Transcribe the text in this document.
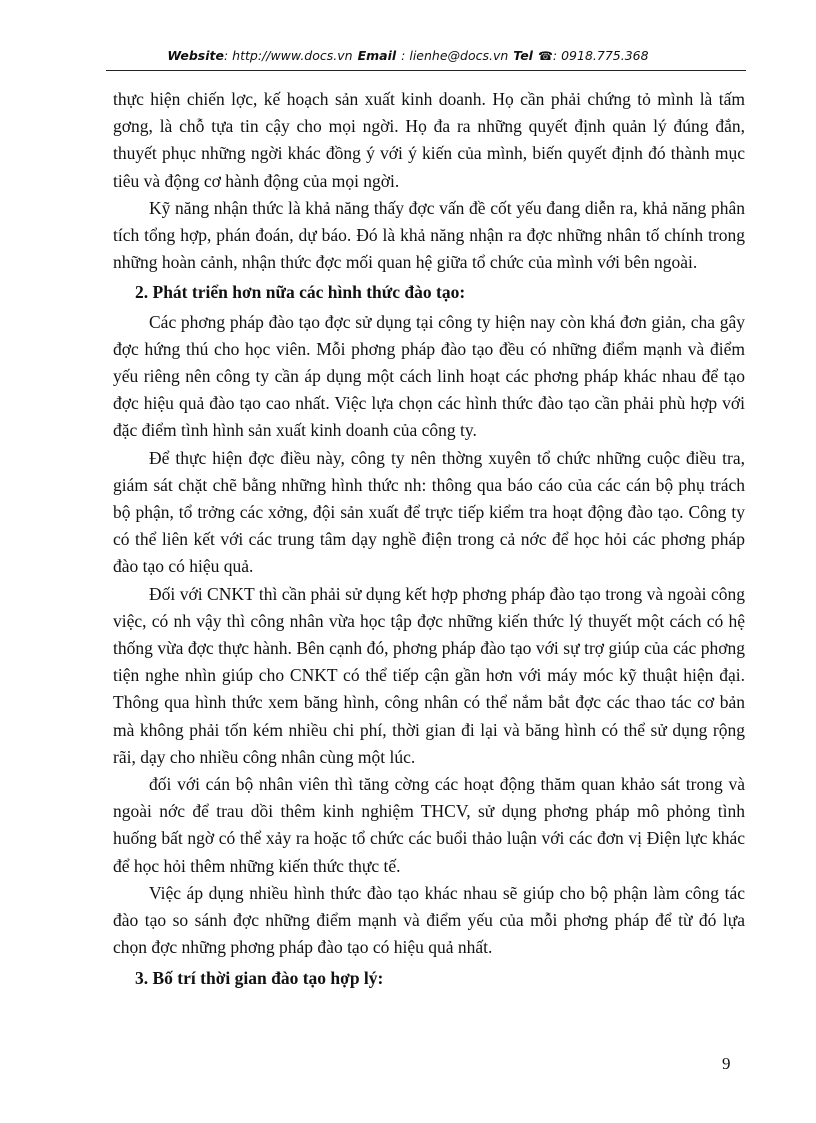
Website: http://www.docs.vn Email : lienhe@docs.vn Tel ☎: 0918.775.368

thực hiện chiến lợc, kế hoạch sản xuất kinh doanh. Họ cần phải chứng tỏ mình là tấm gơng, là chỗ tựa tin cậy cho mọi ngời. Họ đa ra những quyết định quản lý đúng đắn, thuyết phục những ngời khác đồng ý với ý kiến của mình, biến quyết định đó thành mục tiêu và động cơ hành động của mọi ngời.

Kỹ năng nhận thức là khả năng thấy đợc vấn đề cốt yếu đang diễn ra, khả năng phân tích tổng hợp, phán đoán, dự báo. Đó là khả năng nhận ra đợc những nhân tố chính trong những hoàn cảnh, nhận thức đợc mối quan hệ giữa tổ chức của mình với bên ngoài.

2. Phát triển hơn nữa các hình thức đào tạo:

Các phơng pháp đào tạo đợc sử dụng tại công ty hiện nay còn khá đơn giản, cha gây đợc hứng thú cho học viên. Mỗi phơng pháp đào tạo đều có những điểm mạnh và điểm yếu riêng nên công ty cần áp dụng một cách linh hoạt các phơng pháp khác nhau để tạo đợc hiệu quả đào tạo cao nhất. Việc lựa chọn các hình thức đào tạo cần phải phù hợp với đặc điểm tình hình sản xuất kinh doanh của công ty.

Để thực hiện đợc điều này, công ty nên thờng xuyên tổ chức những cuộc điều tra, giám sát chặt chẽ bằng những hình thức nh: thông qua báo cáo của các cán bộ phụ trách bộ phận, tổ trởng các xởng, đội sản xuất để trực tiếp kiểm tra hoạt động đào tạo. Công ty có thể liên kết với các trung tâm dạy nghề điện trong cả nớc để học hỏi các phơng pháp đào tạo có hiệu quả.

Đối với CNKT thì cần phải sử dụng kết hợp phơng pháp đào tạo trong và ngoài công việc, có nh vậy thì công nhân vừa học tập đợc những kiến thức lý thuyết một cách có hệ thống vừa đợc thực hành. Bên cạnh đó, phơng pháp đào tạo với sự trợ giúp của các phơng tiện nghe nhìn giúp cho CNKT có thể tiếp cận gần hơn với máy móc kỹ thuật hiện đại. Thông qua hình thức xem băng hình, công nhân có thể nắm bắt đợc các thao tác cơ bản mà không phải tốn kém nhiều chi phí, thời gian đi lại và băng hình có thể sử dụng rộng rãi, dạy cho nhiều công nhân cùng một lúc.

đối với cán bộ nhân viên thì tăng cờng các hoạt động thăm quan khảo sát trong và ngoài nớc để trau dồi thêm kinh nghiệm THCV, sử dụng phơng pháp mô phỏng tình huống bất ngờ có thể xảy ra hoặc tổ chức các buổi thảo luận với các đơn vị Điện lực khác để học hỏi thêm những kiến thức thực tế.

Việc áp dụng nhiều hình thức đào tạo khác nhau sẽ giúp cho bộ phận làm công tác đào tạo so sánh đợc những điểm mạnh và điểm yếu của mỗi phơng pháp để từ đó lựa chọn đợc những phơng pháp đào tạo có hiệu quả nhất.

3. Bố trí thời gian đào tạo hợp lý:
9
